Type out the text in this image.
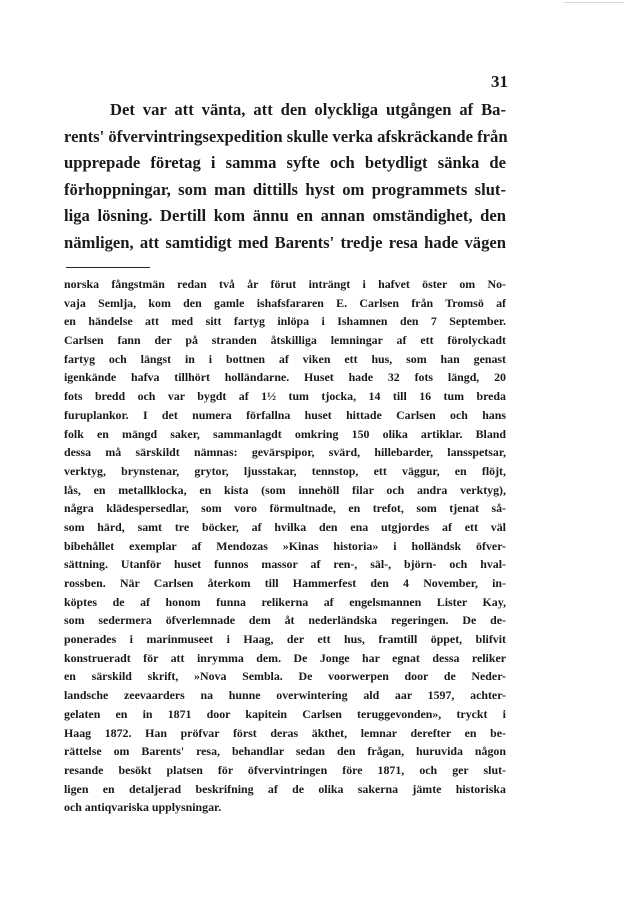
31
Det var att vänta, att den olyckliga utgången af Ba-
rents' öfvervintringsexpedition skulle verka afskräckande från
upprepade företag i samma syfte och betydligt sänka de
förhoppningar, som man dittills hyst om programmets slut-
liga lösning. Dertill kom ännu en annan omständighet, den
nämligen, att samtidigt med Barents' tredje resa hade vägen
norska fångstmän redan två år förut inträngt i hafvet öster om No-
vaja Semlja, kom den gamle ishafsfararen E. Carlsen från Tromsö af
en händelse att med sitt fartyg inlöpa i Ishamnen den 7 September.
Carlsen fann der på stranden åtskilliga lemningar af ett förolyckadt
fartyg och längst in i bottnen af viken ett hus, som han genast
igenkände hafva tillhört holländarne. Huset hade 32 fots längd, 20
fots bredd och var bygdt af 1½ tum tjocka, 14 till 16 tum breda
furuplankor. I det numera förfallna huset hittade Carlsen och hans
folk en mängd saker, sammanlagdt omkring 150 olika artiklar. Bland
dessa må särskildt nämnas: gevärspipor, svärd, hillebarder, lansspetsar,
verktyg, brynstenar, grytor, ljusstakar, tennstop, ett väggur, en flöjt,
lås, en metallklocka, en kista (som innehöll filar och andra verktyg),
några klädespersedlar, som voro förmultnade, en trefot, som tjenat så-
som härd, samt tre böcker, af hvilka den ena utgjordes af ett väl
bibehållet exemplar af Mendozas »Kinas historia» i holländsk öfver-
sättning. Utanför huset funnos massor af ren-, säl-, björn- och hval-
rossben. När Carlsen återkom till Hammerfest den 4 November, in-
köptes de af honom funna relikerna af engelsmannen Lister Kay,
som sedermera öfverlemnade dem åt nederländska regeringen. De de-
ponerades i marinmuseet i Haag, der ett hus, framtill öppet, blifvit
konstrueradt för att inrymma dem. De Jonge har egnat dessa reliker
en särskild skrift, »Nova Sembla. De voorwerpen door de Neder-
landsche zeevaarders na hunne overwintering ald aar 1597, achter-
gelaten en in 1871 door kapitein Carlsen teruggevonden», tryckt i
Haag 1872. Han pröfvar först deras äkthet, lemnar derefter en be-
rättelse om Barents' resa, behandlar sedan den frågan, huruvida någon
resande besökt platsen för öfvervintringen före 1871, och ger slut-
ligen en detaljerad beskrifning af de olika sakerna jämte historiska
och antiqvariska upplysningar.
